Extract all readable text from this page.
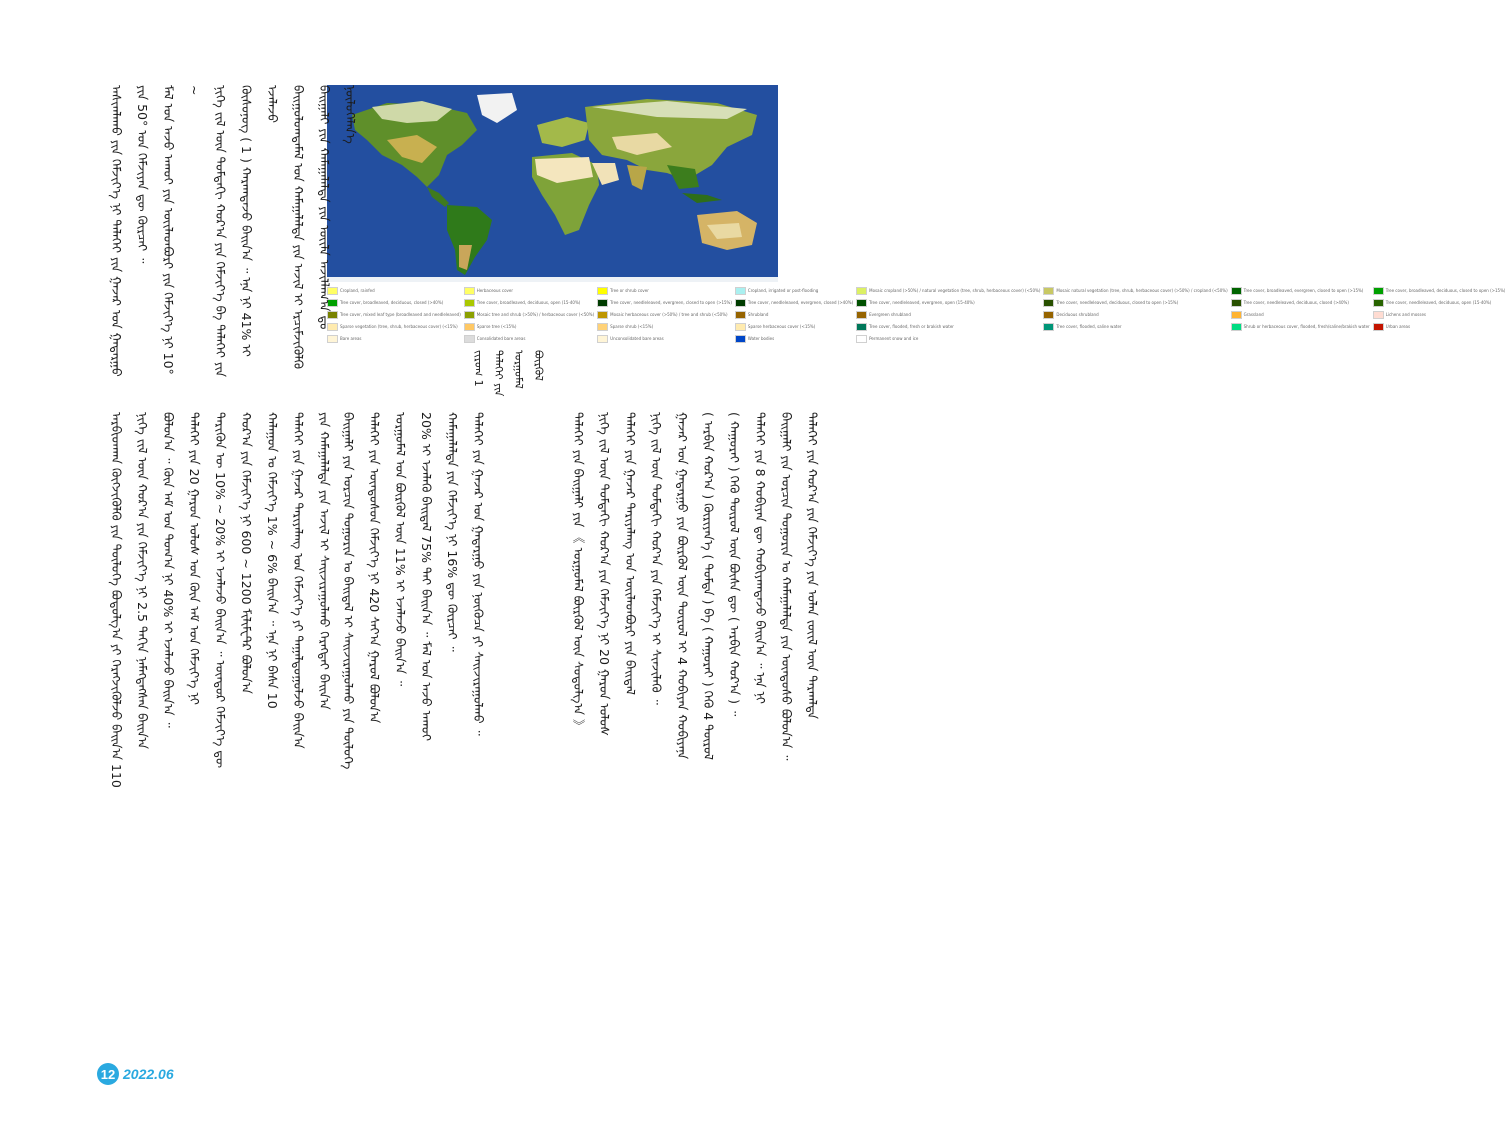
Cropland, rainfed	Herbaceous cover	Tree or shrub cover	Cropland, irrigated or post-flooding	Mosaic cropland (>50%) / natural vegetation (tree, shrub, herbaceous cover) (<50%)	Mosaic natural vegetation (tree, shrub, herbaceous cover) (>50%) / cropland (<50%)	Tree cover, broadleaved, evergreen, closed to open (>15%)	Tree cover, broadleaved, deciduous, closed to open (>15%)
Tree cover, broadleaved, deciduous, closed (>40%)	Tree cover, broadleaved, deciduous, open (15-40%)	Tree cover, needleleaved, evergreen, closed to open (>15%)	Tree cover, needleleaved, evergreen, closed (>40%)	Tree cover, needleleaved, evergreen, open (15-40%)	Tree cover, needleleaved, deciduous, closed to open (>15%)	Tree cover, needleleaved, deciduous, closed (>40%)	Tree cover, needleleaved, deciduous, open (15-40%)
Tree cover, mixed leaf type (broadleaved and needleleaved)	Mosaic tree and shrub (>50%) / herbaceous cover (<50%)	Mosaic herbaceous cover (>50%) / tree and shrub (<50%)	Shrubland	Evergreen shrubland	Deciduous shrubland	Grassland	Lichens and mosses
Sparse vegetation (tree, shrub, herbaceous cover) (<15%)	Sparse tree (<15%)	Sparse shrub (<15%)	Sparse herbaceous cover (<15%)	Tree cover, flooded, fresh or brakish water	Tree cover, flooded, saline water	Shrub or herbaceous cover, flooded, fresh/saline/brakish water	Urban areas
Bare areas	Consolidated bare areas	Unconsolidated bare areas	Water bodies	Permanent snow and ice
ᠵᠢᠷᠤᠭ 1 ᠳᠡᠯᠡᠬᠡᠢ ᠶᠢᠨ ᠤᠷᠭᠤᠮᠠᠯ ᠪᠦᠷᠬᠦᠯ
ᠠᠰᠢᠭᠯᠠᠬᠤ ᠶᠢᠨ ᠬᠡᠮᠵᠢᠶ᠎ᠡ ᠨᠢ ᠳᠡᠯᠡᠬᠡᠢ ᠶᠢᠨ ᠭᠠᠵᠠᠷ ᠤᠨ ᠭᠠᠳᠠᠷᠭᠤ ᠶᠢᠨ 50° ᠤᠨ ᠬᠡᠮᠵᠢᠶᠡᠨ ᠳᠦ ᠬᠦᠷᠴᠡᠢ ᠃
ᠮᠠᠯ ᠤᠨ ᠠᠵᠤ ᠠᠬᠤᠢ ᠶᠢᠨ ᠦᠢᠯᠡᠳᠪᠦᠷᠢ ᠶᠢᠨ ᠬᠡᠮᠵᠢᠶ᠎ᠡ ᠨᠢ 10° ~
ᠨᠢᠭᠡ ᠵᠢᠯ ᠦᠨ ᠳᠤᠮᠳᠠᠬᠢ ᠬᠤᠷ᠎ᠠ ᠶᠢᠨ ᠬᠡᠮᠵᠢᠶ᠎ᠡ ᠪᠠ ᠳᠡᠯᠡᠬᠡᠢ ᠶᠢᠨ
ᠬᠦᠰᠦᠨᠦᠭ ( 1 ) ᠬᠠᠷᠠᠭᠳᠠᠵᠤ ᠪᠠᠢᠨ᠎ᠠ ᠃ ᠡᠨᠡ ᠨᠢ 41% ᠢ ᠡᠵᠡᠯᠡᠵᠦ
ᠪᠠᠢᠭᠤᠯᠤᠭᠳᠠᠮᠠᠯ ᠤᠨ ᠬᠠᠮᠠᠭᠠᠯᠠᠯᠲᠠ ᠶᠢᠨ ᠠᠵᠢᠯ ᠢ ᠡᠷᠴᠢᠮᠵᠢᠭᠦᠯᠬᠦ
ᠪᠠᠢᠭᠠᠯᠢ ᠶᠢᠨ ᠬᠠᠮᠠᠭᠠᠯᠠᠯᠲᠠ ᠶᠢᠨ ᠦᠢᠯᠡ ᠠᠵᠢᠯᠯᠠᠭ᠎ᠠ ᠳᠤ ᠨᠥᠯᠦᠭᠡᠯᠡᠨ᠎ᠡ
ᠠᠷᠪᠢᠳᠬᠠᠨ ᠬᠦᠭᠵᠢᠭᠦᠯᠬᠦ ᠶᠢᠨ ᠲᠦᠯᠦᠭᠡ ᠪᠣᠳᠣᠯᠭ᠎ᠠ ᠶᠢ ᠬᠡᠷᠡᠭᠵᠢᠭᠦᠯᠵᠦ ᠪᠠᠢᠨ᠎ᠠ 110
ᠨᠢᠭᠡ ᠵᠢᠯ ᠦᠨ ᠬᠤᠷ᠎ᠠ ᠶᠢᠨ ᠬᠡᠮᠵᠢᠶ᠎ᠡ ᠨᠢ 2.5 ᠳᠠᠬᠢᠨ ᠨᠡᠮᠡᠭᠳᠡᠭᠰᠡᠨ ᠪᠠᠢᠨ᠎ᠠ
ᠪᠣᠯᠤᠨ᠎ᠠ ᠃ ᠬᠦᠨ ᠠᠮ ᠤᠨ ᠲᠣᠭ᠎ᠠ ᠨᠢ 40% ᠢ ᠡᠵᠡᠯᠡᠵᠦ ᠪᠠᠢᠨ᠎ᠠ ᠃
ᠳᠡᠯᠡᠬᠡᠢ ᠶᠢᠨ 20 ᠭᠠᠷᠤᠨ ᠤᠯᠤᠰ ᠤᠨ ᠬᠦᠨ ᠠᠮ ᠤᠨ ᠬᠡᠮᠵᠢᠶ᠎ᠡ ᠨᠢ
ᠲᠡᠷᠢᠭᠦᠨ ᠦ 10% ~ 20% ᠢ ᠡᠵᠡᠯᠡᠵᠦ ᠪᠠᠢᠨ᠎ᠠ ᠃ ᠦᠨᠳᠦᠷ ᠬᠡᠮᠵᠢᠶ᠎ᠡ ᠳᠦ
ᠬᠤᠷ᠎ᠠ ᠶᠢᠨ ᠬᠡᠮᠵᠢᠶ᠎ᠡ ᠨᠢ 600 ~ 1200 ᠮᠢᠯᠢᠮᠧᠲᠷ ᠪᠣᠯᠤᠨ᠎ᠠ
ᠬᠠᠯᠠᠭᠤᠨ ᠤ ᠬᠡᠮᠵᠢᠶ᠎ᠡ 1% ~ 6% ᠪᠠᠢᠨ᠎ᠠ ᠃ ᠡᠨᠡ ᠨᠢ ᠪᠠᠰᠠ 10
ᠳᠡᠯᠡᠬᠡᠢ ᠶᠢᠨ ᠭᠠᠵᠠᠷ ᠲᠠᠷᠢᠶᠠᠯᠠᠩ ᠤᠨ ᠬᠡᠮᠵᠢᠶ᠎ᠡ ᠶᠢ ᠳᠠᠭᠠᠯᠳᠤᠭᠤᠯᠵᠤ ᠪᠠᠢᠨ᠎ᠠ
ᠶᠢᠨ ᠬᠠᠮᠠᠭᠠᠯᠠᠯᠲᠠ ᠶᠢᠨ ᠠᠵᠢᠯ ᠢ ᠰᠠᠢᠵᠢᠷᠠᠭᠤᠯᠬᠤ ᠬᠡᠷᠡᠭᠲᠡᠢ ᠪᠠᠢᠨ᠎ᠠ
ᠪᠠᠢᠭᠠᠯᠢ ᠶᠢᠨ ᠣᠷᠴᠢᠨ ᠲᠣᠭᠤᠷᠢᠨ ᠤ ᠪᠠᠢᠳᠠᠯ ᠢ ᠰᠠᠢᠵᠢᠷᠠᠭᠤᠯᠬᠤ ᠶᠢᠨ ᠲᠥᠯᠥᠭᠡ
ᠳᠡᠯᠡᠬᠡᠢ ᠶᠢᠨ ᠦᠨᠳᠦᠰᠦᠨ ᠬᠡᠮᠵᠢᠶ᠎ᠡ ᠨᠢ 420 ᠰᠠᠶ᠎ᠠ ᠭᠠᠷᠤᠯ ᠪᠣᠯᠤᠨ᠎ᠠ
ᠤᠷᠭᠤᠮᠠᠯ ᠤᠨ ᠪᠦᠷᠬᠦᠯ ᠦᠨ 11% ᠢ ᠡᠵᠡᠯᠡᠵᠦ ᠪᠠᠢᠨ᠎ᠠ ᠃
20% ᠢ ᠡᠵᠡᠯᠡᠬᠦ ᠪᠠᠢᠳᠠᠯ 75% ᠲᠠᠢ ᠪᠠᠢᠨ᠎ᠠ ᠃ ᠮᠠᠯ ᠤᠨ ᠠᠵᠤ ᠠᠬᠤᠢ
ᠬᠠᠮᠠᠭᠠᠯᠠᠯᠲᠠ ᠶᠢᠨ ᠬᠡᠮᠵᠢᠶ᠎ᠡ ᠨᠢ 16% ᠳᠦ ᠬᠦᠷᠴᠡᠢ ᠃
ᠳᠡᠯᠡᠬᠡᠢ ᠶᠢᠨ ᠭᠠᠵᠠᠷ ᠤᠨ ᠭᠠᠳᠠᠷᠭᠤ ᠶᠢᠨ ᠨᠥᠭᠦᠴᠡ ᠶᠢ ᠰᠠᠢᠵᠢᠷᠠᠭᠤᠯᠬᠤ ᠃
ᠳᠡᠯᠡᠬᠡᠢ ᠶᠢᠨ ᠪᠠᠢᠭᠠᠯᠢ ᠶᠢᠨ 《 ᠤᠷᠭᠤᠮᠠᠯ ᠪᠦᠷᠬᠦᠯ ᠦᠨ ᠰᠤᠳᠤᠯᠭ᠎ᠠ 》
ᠨᠢᠭᠡ ᠵᠢᠯ ᠦᠨ ᠳᠤᠮᠳᠠᠬᠢ ᠬᠤᠷ᠎ᠠ ᠶᠢᠨ ᠬᠡᠮᠵᠢᠶ᠎ᠡ ᠨᠢ 20 ᠭᠠᠷᠤᠨ ᠤᠯᠤᠰ
ᠳᠡᠯᠡᠬᠡᠢ ᠶᠢᠨ ᠭᠠᠵᠠᠷ ᠲᠠᠷᠢᠶᠠᠯᠠᠩ ᠤᠨ ᠦᠢᠯᠡᠳᠪᠦᠷᠢ ᠶᠢᠨ ᠪᠠᠢᠳᠠᠯ
ᠨᠢᠭᠡ ᠵᠢᠯ ᠦᠨ ᠳᠤᠮᠳᠠᠬᠢ ᠬᠤᠷ᠎ᠠ ᠶᠢᠨ ᠬᠡᠮᠵᠢᠶ᠎ᠡ ᠢ ᠰᠢᠨᠵᠢᠯᠡᠬᠦ ᠃
ᠭᠠᠵᠠᠷ ᠤᠨ ᠭᠠᠳᠠᠷᠭᠤ ᠶᠢᠨ ᠪᠦᠷᠬᠦᠯ ᠦᠨ ᠲᠥᠷᠦᠯ ᠢ 4 ᠬᠤᠪᠢᠶᠠᠨ ᠬᠤᠪᠢᠶᠠᠨᠠ
( ᠠᠷᠪᠢᠨ ᠬᠤᠷ᠎ᠠ ) ᠬᠦᠷᠢᠶᠡᠨ᠎ᠡ ( ᠳᠤᠮᠳᠠ ) ᠪᠠ ( ᠬᠠᠭᠤᠷᠠᠢ ) ᠭᠡᠬᠦ 4 ᠲᠥᠷᠦᠯ
( ᠬᠠᠭᠤᠷᠠᠢ ) ᠭᠡᠬᠦ ᠲᠥᠷᠦᠯ ᠦᠨ ᠪᠦᠰᠡ ᠳᠦ ( ᠠᠷᠪᠢᠨ ᠬᠤᠷ᠎ᠠ ) ᠃
ᠳᠡᠯᠡᠬᠡᠢ ᠶᠢᠨ 8 ᠬᠤᠪᠢᠶᠠᠨ ᠳᠦ ᠬᠤᠪᠢᠶᠠᠭᠳᠠᠵᠤ ᠪᠠᠢᠨ᠎ᠠ ᠃ ᠡᠨᠡ ᠨᠢ
ᠪᠠᠢᠭᠠᠯᠢ ᠶᠢᠨ ᠣᠷᠴᠢᠨ ᠲᠣᠭᠤᠷᠢᠨ ᠤ ᠬᠠᠮᠠᠭᠠᠯᠠᠯᠲᠠ ᠶᠢᠨ ᠦᠨᠳᠦᠰᠦ ᠪᠣᠯᠤᠨ᠎ᠠ ᠃
ᠳᠡᠯᠡᠬᠡᠢ ᠶᠢᠨ ᠬᠤᠷ᠎ᠠ ᠶᠢᠨ ᠬᠡᠮᠵᠢᠶ᠎ᠡ ᠶᠢᠨ ᠣᠯᠠᠨ ᠵᠦᠢᠯ ᠦᠨ ᠲᠠᠷᠬᠠᠯᠲᠠ
12 2022.06
